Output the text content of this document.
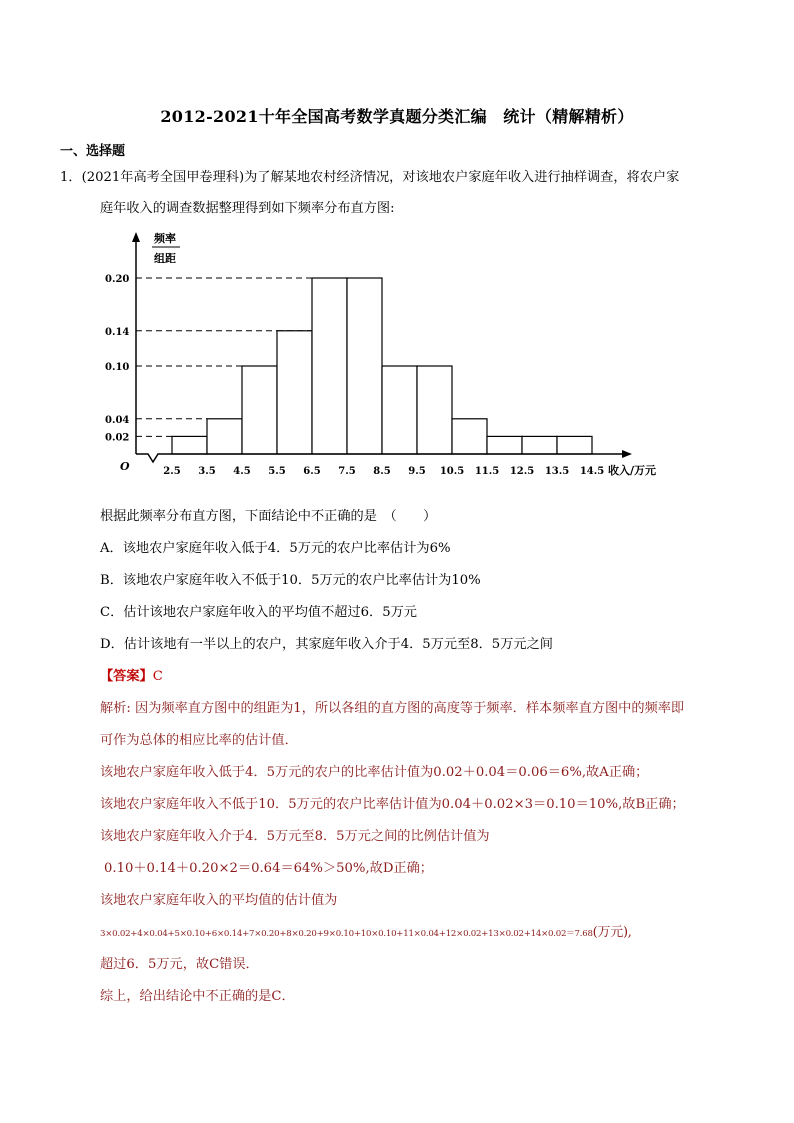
2012-2021十年全国高考数学真题分类汇编　统计（精解精析）
一、选择题
1．(2021年高考全国甲卷理科)为了解某地农村经济情况，对该地农户家庭年收入进行抽样调查，将农户家
庭年收入的调查数据整理得到如下频率分布直方图:
频率
组距
0.02
0.04
0.10
0.14
0.20
O	2.5 3.5 4.5 5.5 6.5 7.5 8.5 9.5 10.5 11.5 12.5 13.5 14.5 收入/万元
根据此频率分布直方图，下面结论中不正确的是　（　　）
A．该地农户家庭年收入低于4．5万元的农户比率估计为6%
B．该地农户家庭年收入不低于10．5万元的农户比率估计为10%
C．估计该地农户家庭年收入的平均值不超过6．5万元
D．估计该地有一半以上的农户，其家庭年收入介于4．5万元至8．5万元之间
【答案】C
解析: 因为频率直方图中的组距为1，所以各组的直方图的高度等于频率．样本频率直方图中的频率即
可作为总体的相应比率的估计值．
该地农户家庭年收入低于4．5万元的农户的比率估计值为0.02＋0.04＝0.06＝6%,故A正确；
该地农户家庭年收入不低于10．5万元的农户比率估计值为0.04＋0.02×3＝0.10＝10%,故B正确；
该地农户家庭年收入介于4．5万元至8．5万元之间的比例估计值为
0.10＋0.14＋0.20×2＝0.64＝64%＞50%,故D正确；
该地农户家庭年收入的平均值的估计值为
3×0.02+4×0.04+5×0.10+6×0.14+7×0.20+8×0.20+9×0.10+10×0.10+11×0.04+12×0.02+13×0.02+14×0.02＝7.68(万元),
超过6．5万元，故C错误．
综上，给出结论中不正确的是C．
